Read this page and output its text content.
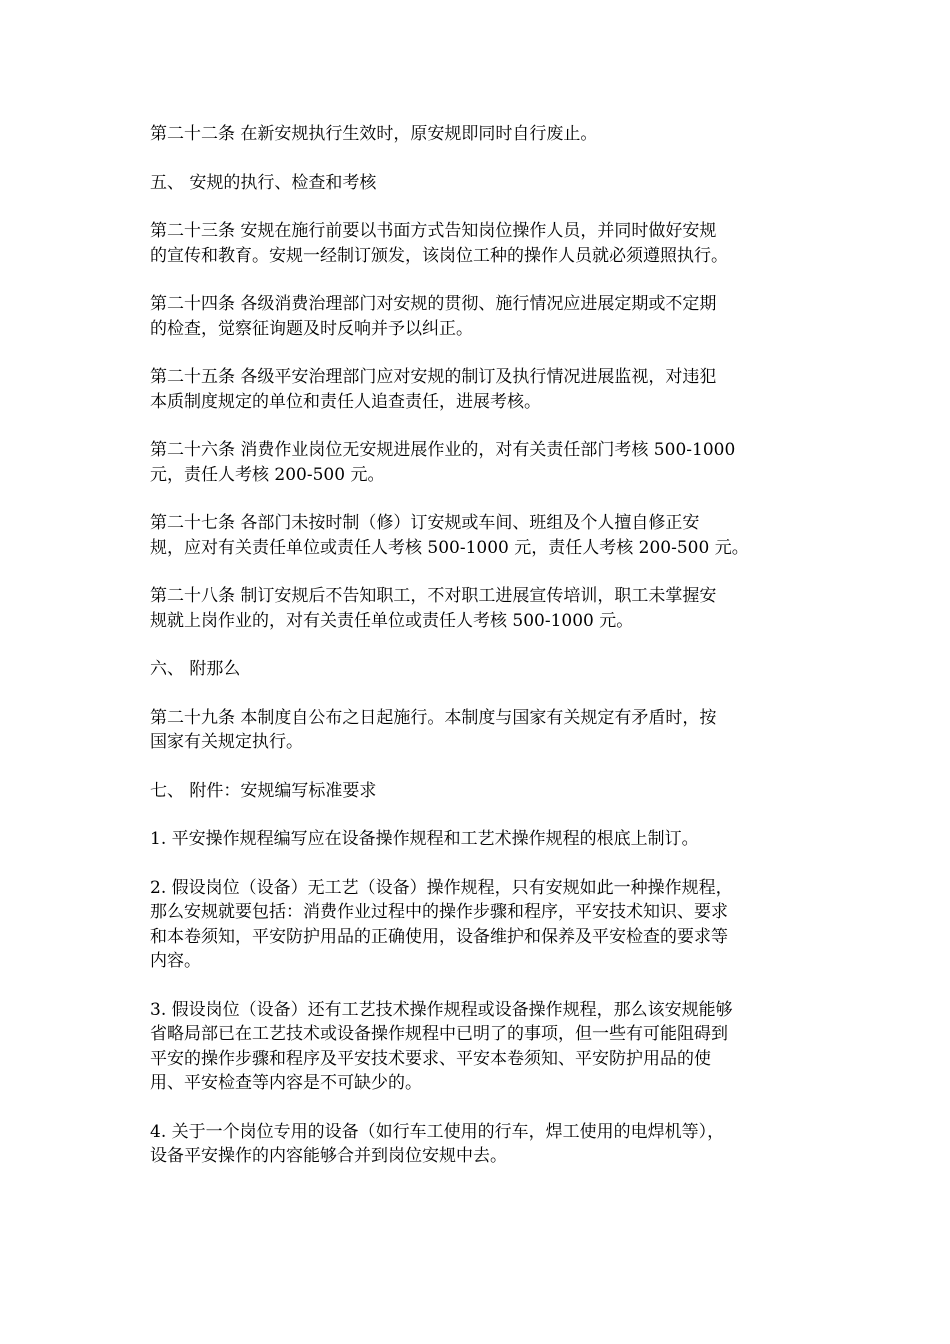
第二十二条 在新安规执行生效时，原安规即同时自行废止。
五、 安规的执行、检查和考核
第二十三条 安规在施行前要以书面方式告知岗位操作人员，并同时做好安规
的宣传和教育。安规一经制订颁发，该岗位工种的操作人员就必须遵照执行。
第二十四条 各级消费治理部门对安规的贯彻、施行情况应进展定期或不定期
的检查，觉察征询题及时反响并予以纠正。
第二十五条 各级平安治理部门应对安规的制订及执行情况进展监视，对违犯
本质制度规定的单位和责任人追查责任，进展考核。
第二十六条 消费作业岗位无安规进展作业的，对有关责任部门考核 500-1000
元，责任人考核 200-500 元。
第二十七条 各部门未按时制（修）订安规或车间、班组及个人擅自修正安
规，应对有关责任单位或责任人考核 500-1000 元，责任人考核 200-500 元。
第二十八条 制订安规后不告知职工，不对职工进展宣传培训，职工未掌握安
规就上岗作业的，对有关责任单位或责任人考核 500-1000 元。
六、 附那么
第二十九条 本制度自公布之日起施行。本制度与国家有关规定有矛盾时，按
国家有关规定执行。
七、 附件：安规编写标准要求
1. 平安操作规程编写应在设备操作规程和工艺术操作规程的根底上制订。
2. 假设岗位（设备）无工艺（设备）操作规程，只有安规如此一种操作规程，
那么安规就要包括：消费作业过程中的操作步骤和程序，平安技术知识、要求
和本卷须知，平安防护用品的正确使用，设备维护和保养及平安检查的要求等
内容。
3. 假设岗位（设备）还有工艺技术操作规程或设备操作规程，那么该安规能够
省略局部已在工艺技术或设备操作规程中已明了的事项，但一些有可能阻碍到
平安的操作步骤和程序及平安技术要求、平安本卷须知、平安防护用品的使
用、平安检查等内容是不可缺少的。
4. 关于一个岗位专用的设备（如行车工使用的行车，焊工使用的电焊机等），
设备平安操作的内容能够合并到岗位安规中去。
